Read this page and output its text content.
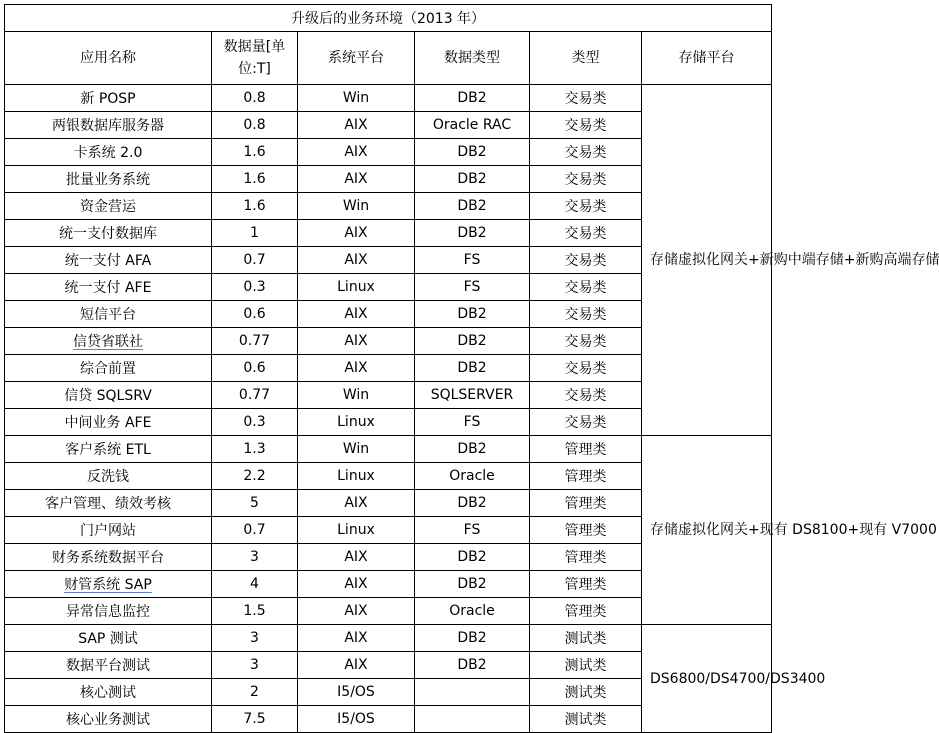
升级后的业务环境（2013 年）					
应用名称	数据量[单位:T]	系统平台	数据类型	类型	存储平台
新 POSP	0.8	Win	DB2	交易类	存储虚拟化网关+新购中端存储+新购高端存储
两银数据库服务器	0.8	AIX	Oracle RAC	交易类	
卡系统 2.0	1.6	AIX	DB2	交易类	
批量业务系统	1.6	AIX	DB2	交易类	
资金营运	1.6	Win	DB2	交易类	
统一支付数据库	1	AIX	DB2	交易类	
统一支付 AFA	0.7	AIX	FS	交易类	
统一支付 AFE	0.3	Linux	FS	交易类	
短信平台	0.6	AIX	DB2	交易类	
信贷省联社	0.77	AIX	DB2	交易类	
综合前置	0.6	AIX	DB2	交易类	
信贷 SQLSRV	0.77	Win	SQLSERVER	交易类	
中间业务 AFE	0.3	Linux	FS	交易类	
客户系统 ETL	1.3	Win	DB2	管理类	存储虚拟化网关+现有 DS8100+现有 V7000
反洗钱	2.2	Linux	Oracle	管理类	
客户管理、绩效考核	5	AIX	DB2	管理类	
门户网站	0.7	Linux	FS	管理类	
财务系统数据平台	3	AIX	DB2	管理类	
财管系统 SAP	4	AIX	DB2	管理类	
异常信息监控	1.5	AIX	Oracle	管理类	
SAP 测试	3	AIX	DB2	测试类	DS6800/DS4700/DS3400
数据平台测试	3	AIX	DB2	测试类	
核心测试	2	I5/OS		测试类	
核心业务测试	7.5	I5/OS		测试类	
